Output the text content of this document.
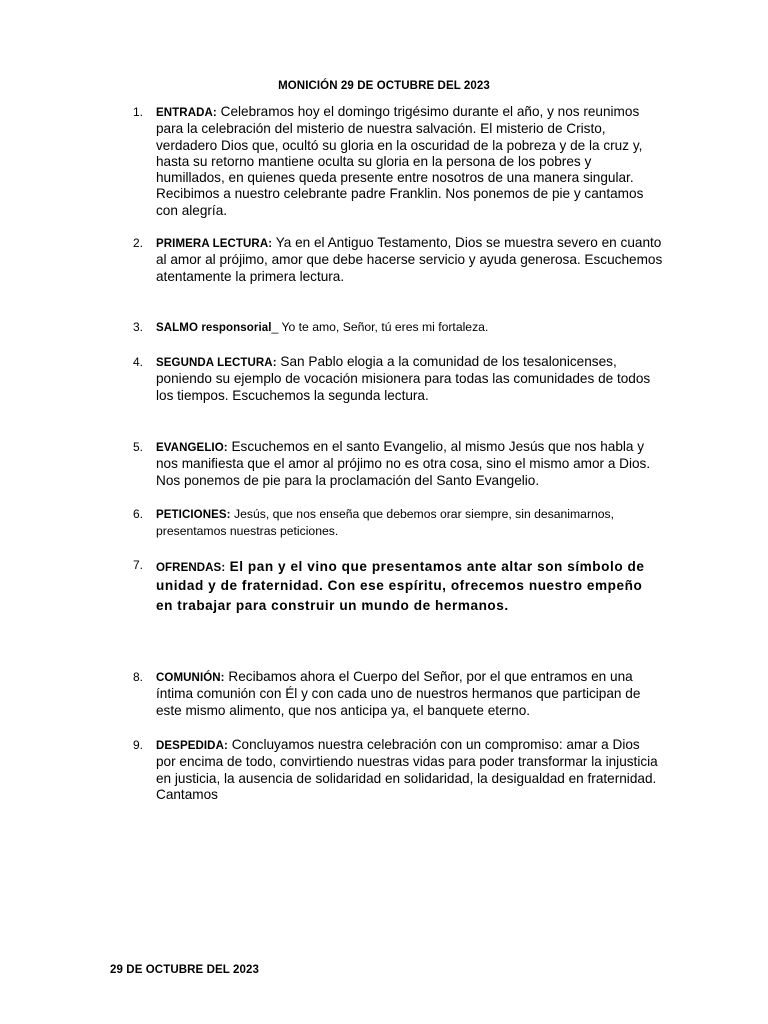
MONICIÓN 29 DE OCTUBRE DEL 2023
1.	ENTRADA: Celebramos hoy el domingo trigésimo durante el año, y nos reunimos para la celebración del misterio de nuestra salvación. El misterio de Cristo, verdadero Dios que, ocultó su gloria en la oscuridad de la pobreza y de la cruz y, hasta su retorno mantiene oculta su gloria en la persona de los pobres y humillados, en quienes queda presente entre nosotros de una manera singular. Recibimos a nuestro celebrante padre Franklin. Nos ponemos de pie y cantamos con alegría.
2.	PRIMERA LECTURA: Ya en el Antiguo Testamento, Dios se muestra severo en cuanto al amor al prójimo, amor que debe hacerse servicio y ayuda generosa. Escuchemos atentamente la primera lectura.
3.	SALMO responsorial_ Yo te amo, Señor, tú eres mi fortaleza.
4.	SEGUNDA LECTURA: San Pablo elogia a la comunidad de los tesalonicenses, poniendo su ejemplo de vocación misionera para todas las comunidades de todos los tiempos. Escuchemos la segunda lectura.
5.	EVANGELIO: Escuchemos en el santo Evangelio, al mismo Jesús que nos habla y nos manifiesta que el amor al prójimo no es otra cosa, sino el mismo amor a Dios. Nos ponemos de pie para la proclamación del Santo Evangelio.
6.	PETICIONES: Jesús, que nos enseña que debemos orar siempre, sin desanimarnos, presentamos nuestras peticiones.
7.	OFRENDAS: El pan y el vino que presentamos ante altar son símbolo de unidad y de fraternidad. Con ese espíritu, ofrecemos nuestro empeño en trabajar para construir un mundo de hermanos.
8.	COMUNIÓN: Recibamos ahora el Cuerpo del Señor, por el que entramos en una íntima comunión con Él y con cada uno de nuestros hermanos que participan de este mismo alimento, que nos anticipa ya, el banquete eterno.
9.	DESPEDIDA: Concluyamos nuestra celebración con un compromiso: amar a Dios por encima de todo, convirtiendo nuestras vidas para poder transformar la injusticia en justicia, la ausencia de solidaridad en solidaridad, la desigualdad en fraternidad. Cantamos
29 DE OCTUBRE DEL 2023
